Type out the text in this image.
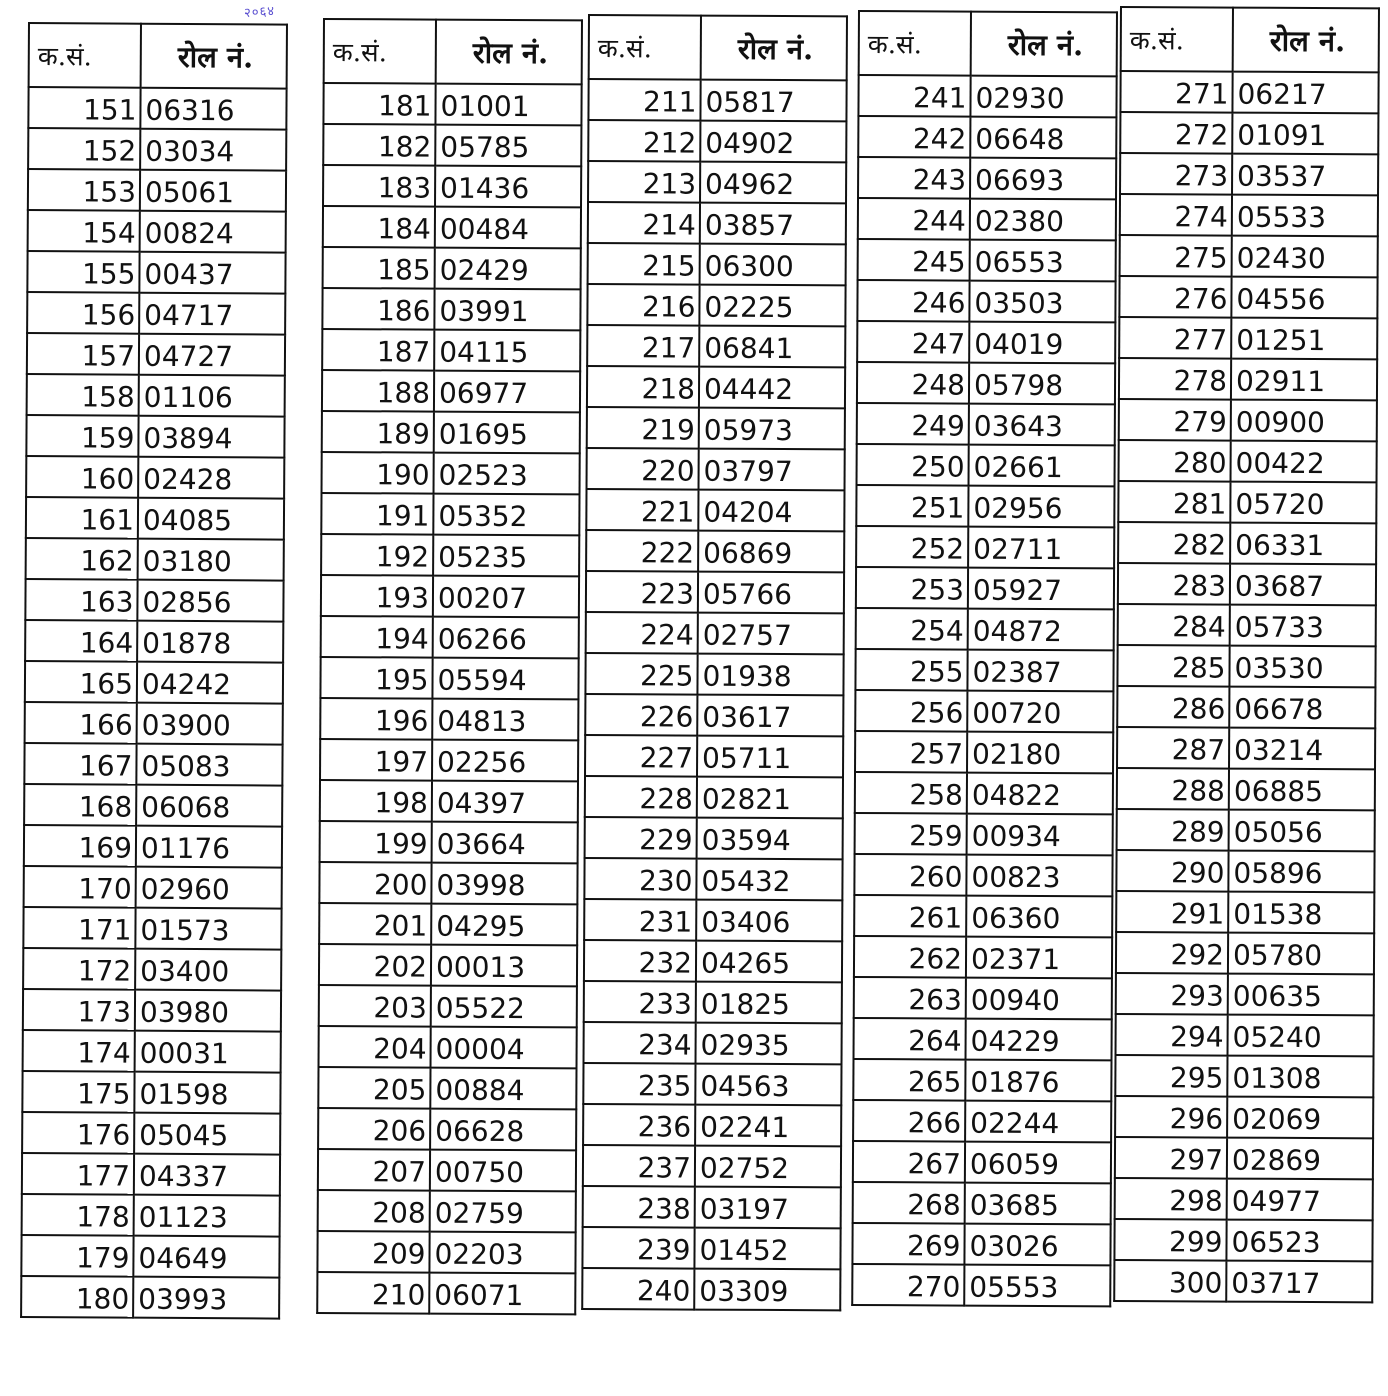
२०६४
क.सं.	रोल नं.
151	06316
152	03034
153	05061
154	00824
155	00437
156	04717
157	04727
158	01106
159	03894
160	02428
161	04085
162	03180
163	02856
164	01878
165	04242
166	03900
167	05083
168	06068
169	01176
170	02960
171	01573
172	03400
173	03980
174	00031
175	01598
176	05045
177	04337
178	01123
179	04649
180	03993
क.सं.	रोल नं.
181	01001
182	05785
183	01436
184	00484
185	02429
186	03991
187	04115
188	06977
189	01695
190	02523
191	05352
192	05235
193	00207
194	06266
195	05594
196	04813
197	02256
198	04397
199	03664
200	03998
201	04295
202	00013
203	05522
204	00004
205	00884
206	06628
207	00750
208	02759
209	02203
210	06071
क.सं.	रोल नं.
211	05817
212	04902
213	04962
214	03857
215	06300
216	02225
217	06841
218	04442
219	05973
220	03797
221	04204
222	06869
223	05766
224	02757
225	01938
226	03617
227	05711
228	02821
229	03594
230	05432
231	03406
232	04265
233	01825
234	02935
235	04563
236	02241
237	02752
238	03197
239	01452
240	03309
क.सं.	रोल नं.
241	02930
242	06648
243	06693
244	02380
245	06553
246	03503
247	04019
248	05798
249	03643
250	02661
251	02956
252	02711
253	05927
254	04872
255	02387
256	00720
257	02180
258	04822
259	00934
260	00823
261	06360
262	02371
263	00940
264	04229
265	01876
266	02244
267	06059
268	03685
269	03026
270	05553
क.सं.	रोल नं.
271	06217
272	01091
273	03537
274	05533
275	02430
276	04556
277	01251
278	02911
279	00900
280	00422
281	05720
282	06331
283	03687
284	05733
285	03530
286	06678
287	03214
288	06885
289	05056
290	05896
291	01538
292	05780
293	00635
294	05240
295	01308
296	02069
297	02869
298	04977
299	06523
300	03717
